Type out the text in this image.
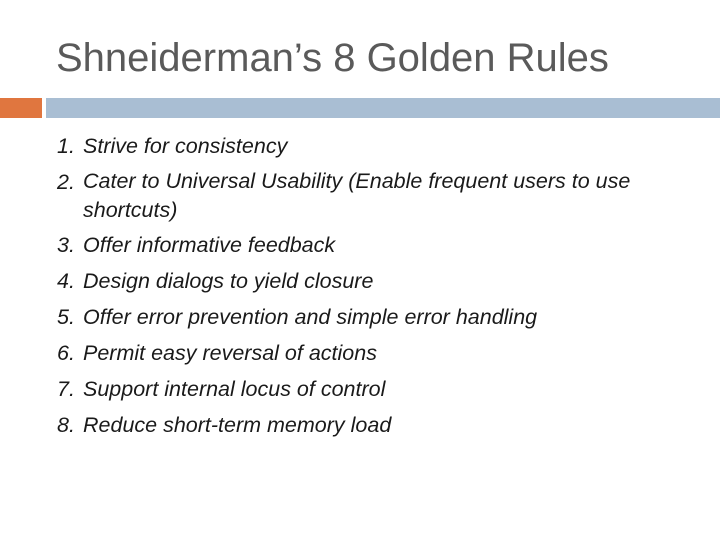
Shneiderman’s 8 Golden Rules
1. Strive for consistency
2. Cater to Universal Usability (Enable frequent users to use shortcuts)
3. Offer informative feedback
4. Design dialogs to yield closure
5. Offer error prevention and simple error handling
6. Permit easy reversal of actions
7. Support internal locus of control
8. Reduce short-term memory load
